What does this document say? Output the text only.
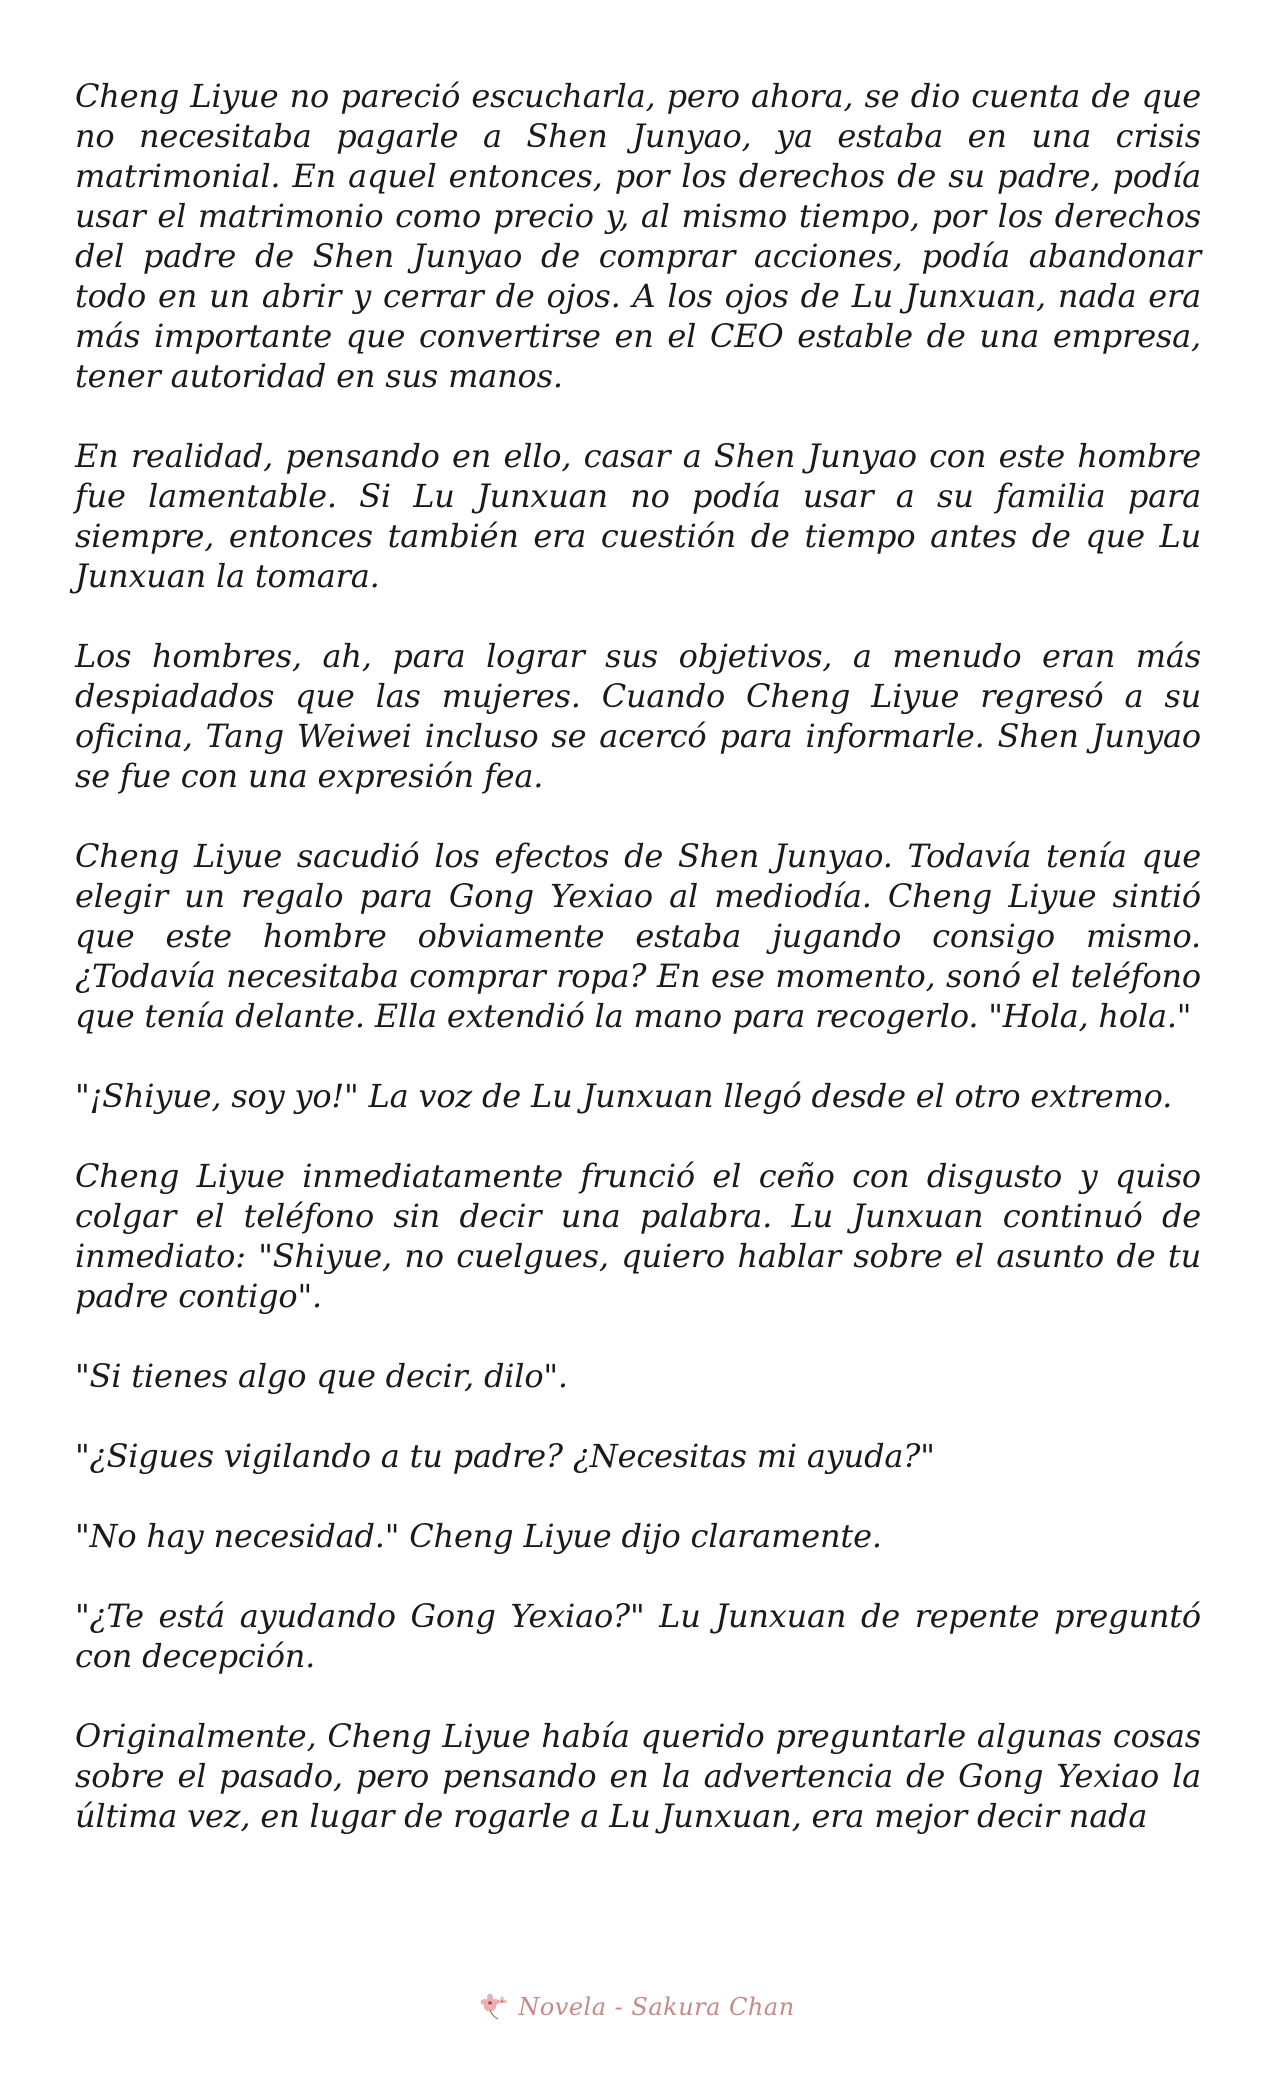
Cheng Liyue no pareció escucharla, pero ahora, se dio cuenta de que no necesitaba pagarle a Shen Junyao, ya estaba en una crisis matrimonial. En aquel entonces, por los derechos de su padre, podía usar el matrimonio como precio y, al mismo tiempo, por los derechos del padre de Shen Junyao de comprar acciones, podía abandonar todo en un abrir y cerrar de ojos. A los ojos de Lu Junxuan, nada era más importante que convertirse en el CEO estable de una empresa, tener autoridad en sus manos.

En realidad, pensando en ello, casar a Shen Junyao con este hombre fue lamentable. Si Lu Junxuan no podía usar a su familia para siempre, entonces también era cuestión de tiempo antes de que Lu Junxuan la tomara.

Los hombres, ah, para lograr sus objetivos, a menudo eran más despiadados que las mujeres. Cuando Cheng Liyue regresó a su oficina, Tang Weiwei incluso se acercó para informarle. Shen Junyao se fue con una expresión fea.

Cheng Liyue sacudió los efectos de Shen Junyao. Todavía tenía que elegir un regalo para Gong Yexiao al mediodía. Cheng Liyue sintió que este hombre obviamente estaba jugando consigo mismo. ¿Todavía necesitaba comprar ropa? En ese momento, sonó el teléfono que tenía delante. Ella extendió la mano para recogerlo. "Hola, hola."

"¡Shiyue, soy yo!" La voz de Lu Junxuan llegó desde el otro extremo.

Cheng Liyue inmediatamente frunció el ceño con disgusto y quiso colgar el teléfono sin decir una palabra. Lu Junxuan continuó de inmediato: "Shiyue, no cuelgues, quiero hablar sobre el asunto de tu padre contigo".

"Si tienes algo que decir, dilo".

"¿Sigues vigilando a tu padre? ¿Necesitas mi ayuda?"

"No hay necesidad." Cheng Liyue dijo claramente.

"¿Te está ayudando Gong Yexiao?" Lu Junxuan de repente preguntó con decepción.

Originalmente, Cheng Liyue había querido preguntarle algunas cosas sobre el pasado, pero pensando en la advertencia de Gong Yexiao la última vez, en lugar de rogarle a Lu Junxuan, era mejor decir nada

Novela - Sakura Chan
